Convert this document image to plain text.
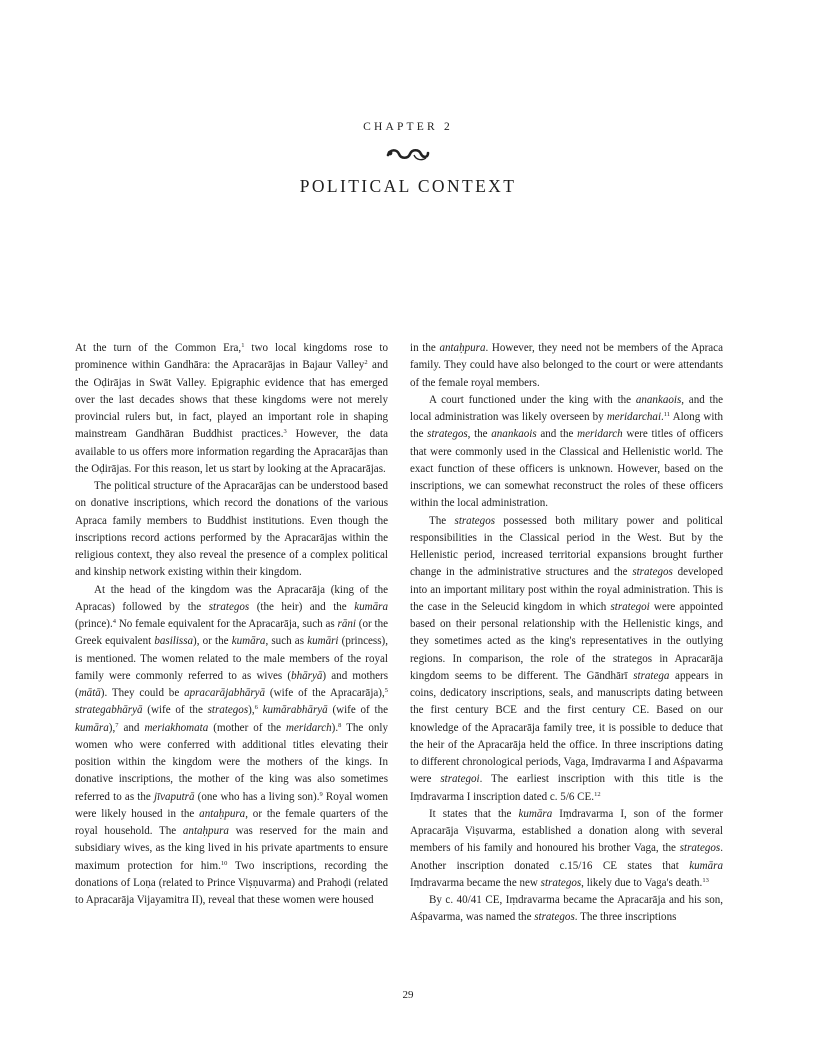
CHAPTER 2
POLITICAL CONTEXT

At the turn of the Common Era,$^1$ two local kingdoms rose to prominence within Gandhāra: the Apracarājas in Bajaur Valley$^2$ and the Oḍirājas in Swāt Valley. Epigraphic evidence that has emerged over the last decades shows that these kingdoms were not merely provincial rulers but, in fact, played an important role in shaping mainstream Gandhāran Buddhist practices.$^3$ However, the data available to us offers more information regarding the Apracarājas than the Oḍirājas. For this reason, let us start by looking at the Apracarājas.

The political structure of the Apracarājas can be understood based on donative inscriptions, which record the donations of the various Apraca family members to Buddhist institutions. Even though the inscriptions record actions performed by the Apracarājas within the religious context, they also reveal the presence of a complex political and kinship network existing within their kingdom.

At the head of the kingdom was the Apracarāja (king of the Apracas) followed by the strategos (the heir) and the kumāra (prince).$^4$ No female equivalent for the Apracarāja, such as rāni (or the Greek equivalent basilissa), or the kumāra, such as kumāri (princess), is mentioned. The women related to the male members of the royal family were commonly referred to as wives (bhāryā) and mothers (mātā). They could be apracarājabhāryā (wife of the Apracarāja),$^5$ strategabhāryā (wife of the strategos),$^6$ kumārabhāryā (wife of the kumāra),$^7$ and meriakhomata (mother of the meridarch).$^8$ The only women who were conferred with additional titles elevating their position within the kingdom were the mothers of the kings. In donative inscriptions, the mother of the king was also sometimes referred to as the jīvaputrā (one who has a living son).$^9$ Royal women were likely housed in the antaḥpura, or the female quarters of the royal household. The antaḥpura was reserved for the main and subsidiary wives, as the king lived in his private apartments to ensure maximum protection for him.$^{10}$ Two inscriptions, recording the donations of Loṇa (related to Prince Viṣṇuvarma) and Prahoḍi (related to Apracarāja Vijayamitra II), reveal that these women were housed

in the antaḥpura. However, they need not be members of the Apraca family. They could have also belonged to the court or were attendants of the female royal members.

A court functioned under the king with the anankaois, and the local administration was likely overseen by meridarchai.$^{11}$ Along with the strategos, the anankaois and the meridarch were titles of officers that were commonly used in the Classical and Hellenistic world. The exact function of these officers is unknown. However, based on the inscriptions, we can somewhat reconstruct the roles of these officers within the local administration.

The strategos possessed both military power and political responsibilities in the Classical period in the West. But by the Hellenistic period, increased territorial expansions brought further change in the administrative structures and the strategos developed into an important military post within the royal administration. This is the case in the Seleucid kingdom in which strategoi were appointed based on their personal relationship with the Hellenistic kings, and they sometimes acted as the king's representatives in the outlying regions. In comparison, the role of the strategos in Apracarāja kingdom seems to be different. The Gāndhārī stratega appears in coins, dedicatory inscriptions, seals, and manuscripts dating between the first century BCE and the first century CE. Based on our knowledge of the Apracarāja family tree, it is possible to deduce that the heir of the Apracarāja held the office. In three inscriptions dating to different chronological periods, Vaga, Iṃdravarma I and Aśpavarma were strategoi. The earliest inscription with this title is the Iṃdravarma I inscription dated c. 5/6 CE.$^{12}$

It states that the kumāra Iṃdravarma I, son of the former Apracarāja Viṣuvarma, established a donation along with several members of his family and honoured his brother Vaga, the strategos. Another inscription donated c.15/16 CE states that kumāra Iṃdravarma became the new strategos, likely due to Vaga's death.$^{13}$

By c. 40/41 CE, Iṃdravarma became the Apracarāja and his son, Aśpavarma, was named the strategos. The three inscriptions

29
